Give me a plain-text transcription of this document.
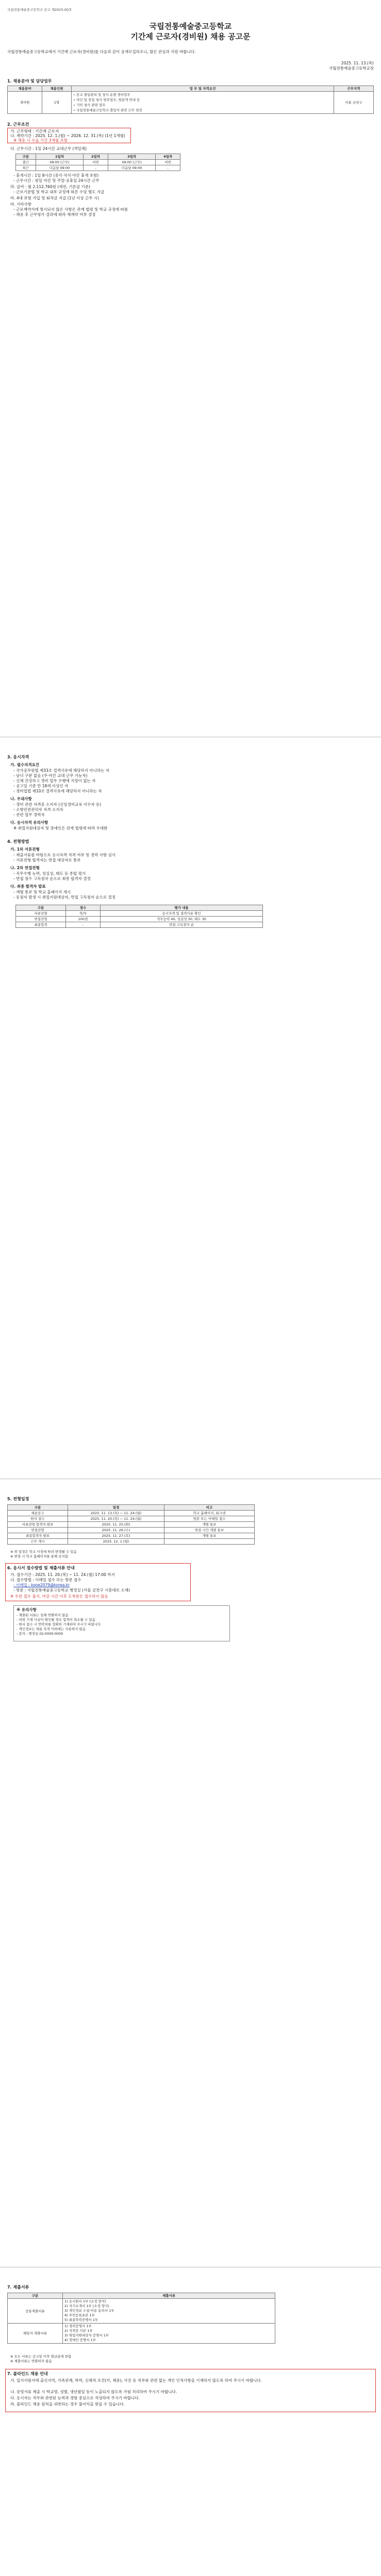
국립전통예술중고등학교 공고 제2025-00호
국립전통예술중고등학교
기간제 근로자(경비원) 채용 공고문
국립전통예술중고등학교에서 기간제 근로자(경비원)를 다음과 같이 공개모집하오니, 많은 관심과 지원 바랍니다.
2025. 11. 13.(목)
국립전통예술중고등학교장
1. 채용분야 및 담당업무
채용분야	채용인원	업 무 및 자격요건	근무지역
경비원	1명	∘ 본교 출입관리 및 청사 순찰·경비업무
∘ 야간 및 휴일 청사 방호업무, 방문객 안내 등
∘ 기타 청사 관련 업무
∘ 국립전통예술고등학교 출입자 관련 근무 점검	서울 금천구
2. 근무조건
가. 근무형태 : 기간제 근로자
나. 계약기간 : 2025. 12. 1.(월) ~ 2026. 12. 31.(목) (1년 1개월)
※ 채용 시 수습 기간 3개월 포함
다. 근무시간 : 1일 24시간 교대근무 (격일제)
구분	1일차	2일차	3일차	4일차
출근	09:00 (근무)	비번	09:00 (근무)	비번
퇴근	다음날 09:00	-	다음날 09:00	-
- 휴게시간 : 1일 8시간 (중식·석식·야간 휴게 포함)
- 근무시간 : 평일 야간 및 주말·공휴일 24시간 근무
라. 급여 : 월 2,112,760원 (세전, 기본급 기준)
- 근로기준법 및 학교 내부 규정에 따른 수당 별도 지급
마. 4대 보험 가입 및 퇴직금 지급 (1년 이상 근무 시)
바. 기타사항
- 근로계약서에 명시되지 않은 사항은 관계 법령 및 학교 규정에 따름
- 채용 후 근무평가 결과에 따라 재계약 여부 결정
3. 응시자격
가. 필수자격요건
- 국가공무원법 제33조 결격사유에 해당하지 아니하는 자
- 남녀 구분 없음 (주·야간 교대 근무 가능자)
- 신체 건강하고 경비 업무 수행에 지장이 없는 자
- 공고일 기준 만 18세 이상인 자
- 경비업법 제10조 결격사유에 해당하지 아니하는 자
나. 우대사항
- 경비 관련 자격증 소지자 (신임경비교육 이수자 등)
- 소방안전관리자 자격 소지자
- 관련 업무 경력자
다. 응시자격 유의사항
※ 취업지원대상자 및 장애인은 관계 법령에 따라 우대함
4. 전형방법
가. 1차 서류전형
- 제출서류를 바탕으로 응시자격 적격 여부 및 경력 사항 심사
- 서류전형 합격자는 면접 대상자로 통보
나. 2차 면접전형
- 직무수행 능력, 성실성, 태도 등 종합 평가
- 면접 점수 고득점자 순으로 최종 합격자 결정
다. 최종 합격자 발표
- 개별 통보 및 학교 홈페이지 게시
- 동점자 발생 시 취업지원대상자, 면접 고득점자 순으로 결정
구분	점수	평가 내용
서류전형	적/부	응시자격 및 결격사유 확인
면접전형	100점	직무능력 40, 성실성 30, 태도 30
최종합격	-	면접 고득점자 순
5. 전형일정
구분	일정	비고
채용공고	2025. 11. 13.(목) ~ 11. 24.(월)	학교 홈페이지, 워크넷
원서 접수	2025. 11. 20.(목) ~ 11. 24.(월)	방문 또는 이메일 접수
서류전형 합격자 발표	2025. 11. 25.(화)	개별 통보
면접전형	2025. 11. 26.(수)	면접 시간 개별 통보
최종합격자 발표	2025. 11. 27.(목)	개별 통보
근무 개시	2025. 12. 1.(월)	
※ 위 일정은 학교 사정에 따라 변경될 수 있음
※ 변경 시 학교 홈페이지를 통해 공지함
6. 응시서 접수방법 및 제출서류 안내
가. 접수기간 : 2025. 11. 20.(목) ~ 11. 24.(월) 17:00 까지
나. 접수방법 : 이메일 접수 또는 방문 접수
- 이메일 : kooe2079@korea.kr
- 방문 : 국립전통예술중고등학교 행정실 (서울 금천구 시흥대로 소재)
※ 우편 접수 불가, 마감 시간 이후 도착분은 접수하지 않음
※ 유의사항
- 제출된 서류는 일체 반환하지 않음
- 허위 기재 사실이 확인될 경우 합격이 취소될 수 있음
- 원서 접수 시 연락처를 정확히 기재하여 주시기 바랍니다
- 개인정보는 채용 목적 이외에는 사용하지 않음
- 문의 : 행정실 02-0000-0000
7. 제출서류
구분	제출서류
공통제출서류	1) 응시원서 1부 (소정 양식)
2) 자기소개서 1부 (소정 양식)
3) 개인정보 수집·이용 동의서 1부
4) 주민등록초본 1부
5) 최종학력증명서 1부
해당자 제출서류	1) 경력증명서 1부
2) 자격증 사본 1부
3) 취업지원대상자 증명서 1부
4) 장애인 증명서 1부
※ 모든 서류는 공고일 이후 발급분에 한함
※ 제출서류는 반환하지 않음
7. 블라인드 채용 안내
가. 입사지원서에 출신지역, 가족관계, 학력, 신체적 조건(키, 체중), 사진 등 직무와 관련 없는 개인 인적사항을 기재하지 않도록 하여 주시기 바랍니다.
나. 증빙서류 제출 시 학교명, 성별, 생년월일 등이 노출되지 않도록 가림 처리하여 주시기 바랍니다.
다. 응시자는 직무와 관련된 능력과 경험 중심으로 작성하여 주시기 바랍니다.
라. 블라인드 채용 원칙을 위반하는 경우 불이익을 받을 수 있습니다.
